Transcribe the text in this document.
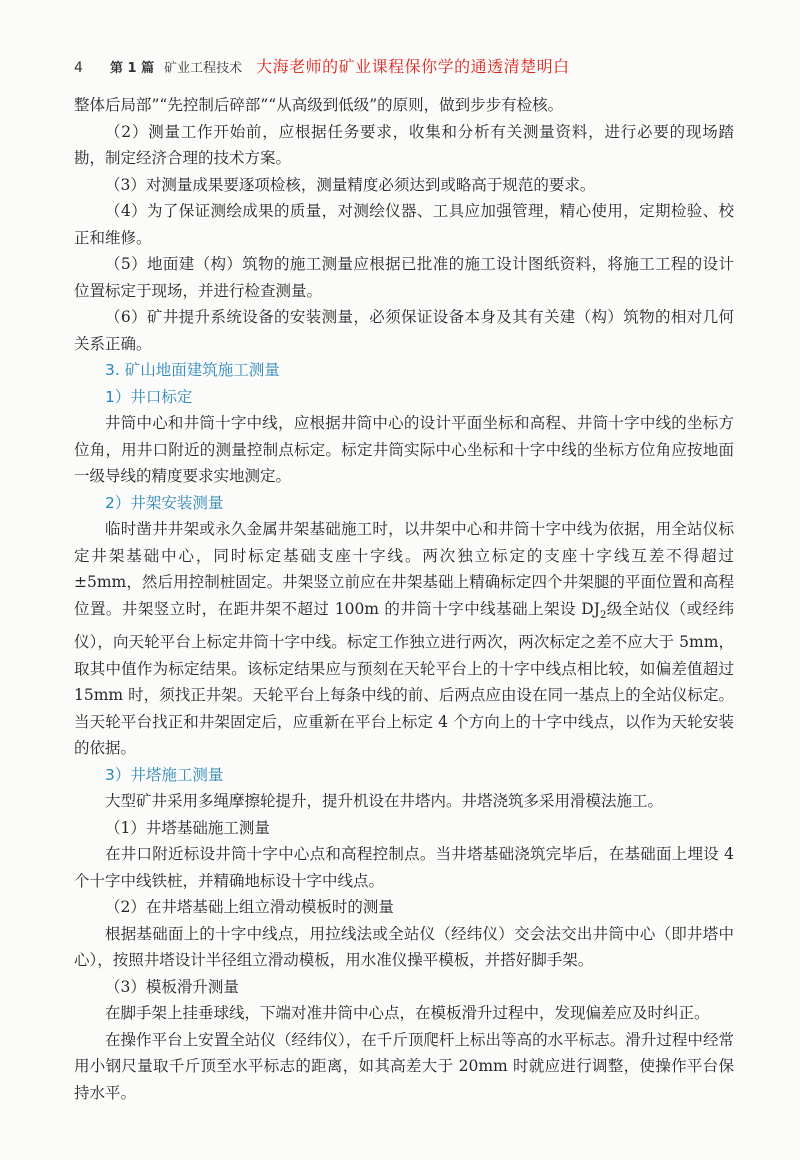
4	第 1 篇 矿业工程技术 大海老师的矿业课程保你学的通透清楚明白

整体后局部”“先控制后碎部”“从高级到低级”的原则，做到步步有检核。

（2）测量工作开始前，应根据任务要求，收集和分析有关测量资料，进行必要的现场踏勘，制定经济合理的技术方案。

（3）对测量成果要逐项检核，测量精度必须达到或略高于规范的要求。

（4）为了保证测绘成果的质量，对测绘仪器、工具应加强管理，精心使用，定期检验、校正和维修。

（5）地面建（构）筑物的施工测量应根据已批准的施工设计图纸资料，将施工工程的设计位置标定于现场，并进行检查测量。

（6）矿井提升系统设备的安装测量，必须保证设备本身及其有关建（构）筑物的相对几何关系正确。

3. 矿山地面建筑施工测量

1）井口标定

井筒中心和井筒十字中线，应根据井筒中心的设计平面坐标和高程、井筒十字中线的坐标方位角，用井口附近的测量控制点标定。标定井筒实际中心坐标和十字中线的坐标方位角应按地面一级导线的精度要求实地测定。

2）井架安装测量

临时凿井井架或永久金属井架基础施工时，以井架中心和井筒十字中线为依据，用全站仪标定井架基础中心，同时标定基础支座十字线。两次独立标定的支座十字线互差不得超过 ±5mm，然后用控制桩固定。井架竖立前应在井架基础上精确标定四个井架腿的平面位置和高程位置。井架竖立时，在距井架不超过 100m 的井筒十字中线基础上架设 $DJ_2$级全站仪（或经纬仪），向天轮平台上标定井筒十字中线。标定工作独立进行两次，两次标定之差不应大于 5mm，取其中值作为标定结果。该标定结果应与预刻在天轮平台上的十字中线点相比较，如偏差值超过 15mm 时，须找正井架。天轮平台上每条中线的前、后两点应由设在同一基点上的全站仪标定。当天轮平台找正和井架固定后，应重新在平台上标定 4 个方向上的十字中线点，以作为天轮安装的依据。

3）井塔施工测量

大型矿井采用多绳摩擦轮提升，提升机设在井塔内。井塔浇筑多采用滑模法施工。

（1）井塔基础施工测量

在井口附近标设井筒十字中心点和高程控制点。当井塔基础浇筑完毕后，在基础面上埋设 4 个十字中线铁桩，并精确地标设十字中线点。

（2）在井塔基础上组立滑动模板时的测量

根据基础面上的十字中线点，用拉线法或全站仪（经纬仪）交会法交出井筒中心（即井塔中心），按照井塔设计半径组立滑动模板，用水准仪操平模板，并搭好脚手架。

（3）模板滑升测量

在脚手架上挂垂球线，下端对准井筒中心点，在模板滑升过程中，发现偏差应及时纠正。

在操作平台上安置全站仪（经纬仪），在千斤顶爬杆上标出等高的水平标志。滑升过程中经常用小钢尺量取千斤顶至水平标志的距离，如其高差大于 20mm 时就应进行调整，使操作平台保持水平。
